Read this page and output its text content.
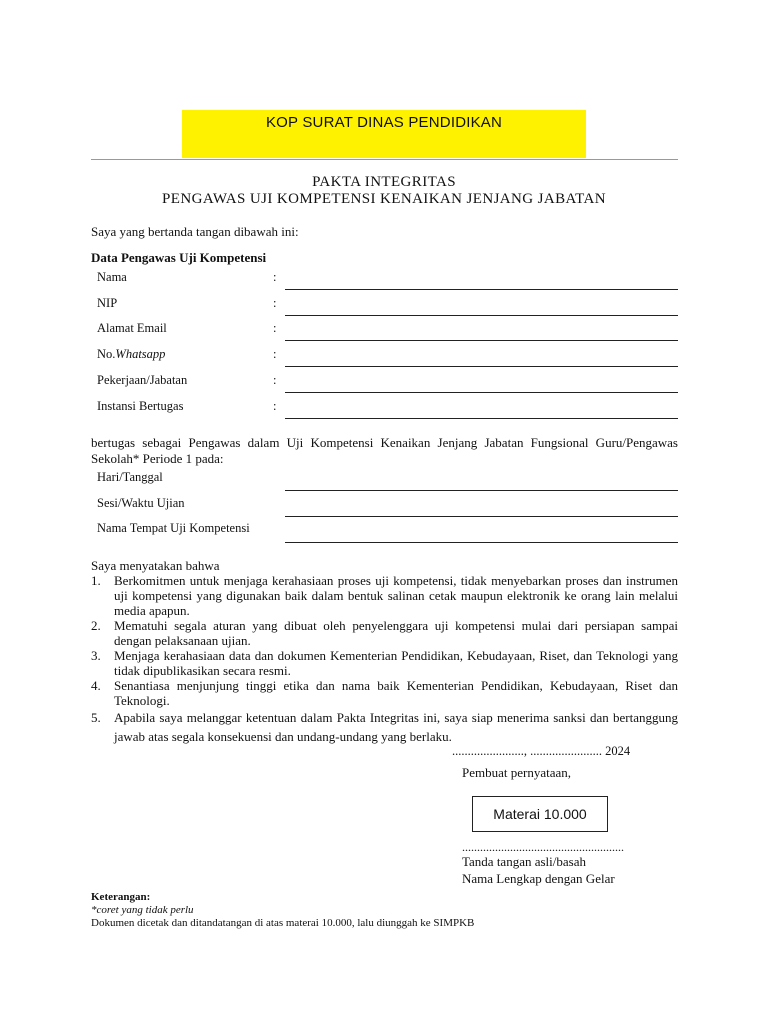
KOP SURAT DINAS PENDIDIKAN
PAKTA INTEGRITAS
PENGAWAS UJI KOMPETENSI KENAIKAN JENJANG JABATAN
Saya yang bertanda tangan dibawah ini:
Data Pengawas Uji Kompetensi
Nama	:
NIP	:
Alamat Email	:
No.Whatsapp	:
Pekerjaan/Jabatan	:
Instansi Bertugas	:
bertugas sebagai Pengawas dalam Uji Kompetensi Kenaikan Jenjang Jabatan Fungsional Guru/Pengawas Sekolah* Periode 1 pada:
Hari/Tanggal
Sesi/Waktu Ujian
Nama Tempat Uji Kompetensi
Saya menyatakan bahwa
1. Berkomitmen untuk menjaga kerahasiaan proses uji kompetensi, tidak menyebarkan proses dan instrumen uji kompetensi yang digunakan baik dalam bentuk salinan cetak maupun elektronik ke orang lain melalui media apapun.
2. Mematuhi segala aturan yang dibuat oleh penyelenggara uji kompetensi mulai dari persiapan sampai dengan pelaksanaan ujian.
3. Menjaga kerahasiaan data dan dokumen Kementerian Pendidikan, Kebudayaan, Riset, dan Teknologi yang tidak dipublikasikan secara resmi.
4. Senantiasa menjunjung tinggi etika dan nama baik Kementerian Pendidikan, Kebudayaan, Riset dan Teknologi.
5. Apabila saya melanggar ketentuan dalam Pakta Integritas ini, saya siap menerima sanksi dan bertanggung jawab atas segala konsekuensi dan undang-undang yang berlaku.
......................., ....................... 2024
Pembuat pernyataan,
Materai 10.000
......................................................
Tanda tangan asli/basah
Nama Lengkap dengan Gelar
Keterangan:
*coret yang tidak perlu
Dokumen dicetak dan ditandatangan di atas materai 10.000, lalu diunggah ke SIMPKB
